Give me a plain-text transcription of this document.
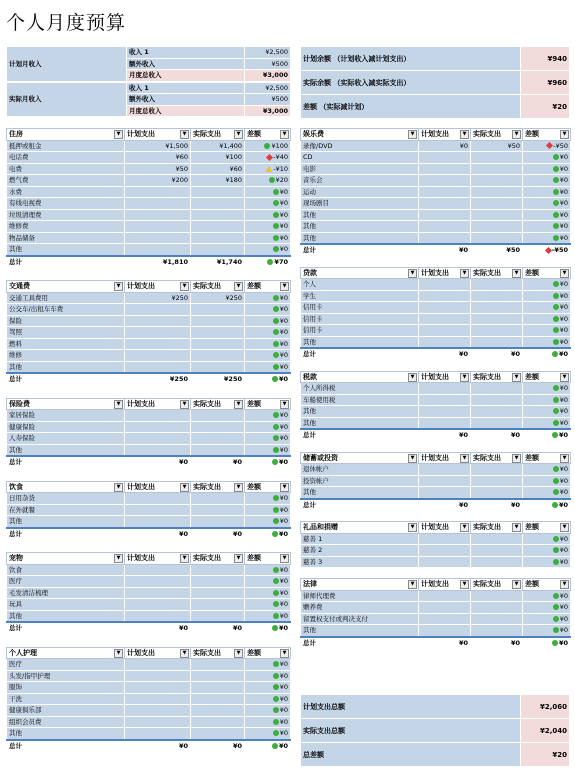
个人月度预算
计划月收入	收入 1	¥2,500
	额外收入	¥500
	月度总收入	¥3,000
实际月收入	收入 1	¥2,500
	额外收入	¥500
	月度总收入	¥3,000
计划余额 （计划收入减计划支出）	¥940
实际余额 （实际收入减实际支出）	¥960
差额 （实际减计划）	¥20
住房 ▼	计划支出 ▼	实际支出 ▼	差额 ▼

抵押或租金	¥1,500	¥1,400	¥100

电话费	¥60	¥100	-¥40

电费	¥50	¥60	-¥10

燃气费	¥200	¥180	¥20

水费			¥0

有线电视费			¥0

垃圾清理费			¥0

维修费			¥0

物品储备			¥0

其他			¥0

总计	¥1,810	¥1,740	¥70
交通费 ▼	计划支出 ▼	实际支出 ▼	差额 ▼

交通工具费用	¥250	¥250	¥0

公交车/出租车车费			¥0

保险			¥0

驾照			¥0

燃料			¥0

维修			¥0

其他			¥0

总计	¥250	¥250	¥0
保险费 ▼	计划支出 ▼	实际支出 ▼	差额 ▼

家居保险			¥0

健康保险			¥0

人寿保险			¥0

其他			¥0

总计	¥0	¥0	¥0
饮食 ▼	计划支出 ▼	实际支出 ▼	差额 ▼

日用杂货			¥0

在外就餐			¥0

其他			¥0

总计	¥0	¥0	¥0
宠物 ▼	计划支出 ▼	实际支出 ▼	差额 ▼

饮食			¥0

医疗			¥0

毛发清洁梳理			¥0

玩具			¥0

其他			¥0

总计	¥0	¥0	¥0
个人护理 ▼	计划支出 ▼	实际支出 ▼	差额 ▼

医疗			¥0

头发/指甲护理			¥0

服饰			¥0

干洗			¥0

健康俱乐部			¥0

组织会员费			¥0

其他			¥0

总计	¥0	¥0	¥0
娱乐费 ▼	计划支出 ▼	实际支出 ▼	差额 ▼

录像/DVD	¥0	¥50	-¥50

CD			¥0

电影			¥0

音乐会			¥0

运动			¥0

现场剧目			¥0

其他			¥0

其他			¥0

其他			¥0

总计	¥0	¥50	-¥50
贷款 ▼	计划支出 ▼	实际支出 ▼	差额 ▼

个人			¥0

学生			¥0

信用卡			¥0

信用卡			¥0

信用卡			¥0

其他			¥0

总计	¥0	¥0	¥0
税款 ▼	计划支出 ▼	实际支出 ▼	差额 ▼

个人所得税			¥0

车船使用税			¥0

其他			¥0

其他			¥0

总计	¥0	¥0	¥0
储蓄或投资 ▼	计划支出 ▼	实际支出 ▼	差额 ▼

退休帐户			¥0

投资帐户			¥0

其他			¥0

总计	¥0	¥0	¥0
礼品和捐赠 ▼	计划支出 ▼	实际支出 ▼	差额 ▼

慈善 1			¥0

慈善 2			¥0

慈善 3			¥0
法律 ▼	计划支出 ▼	实际支出 ▼	差额 ▼

律师代理费			¥0

赡养费			¥0

留置权支付或判决支付			¥0

其他			¥0

总计	¥0	¥0	¥0
计划支出总额	¥2,060
实际支出总额	¥2,040
总差额	¥20
